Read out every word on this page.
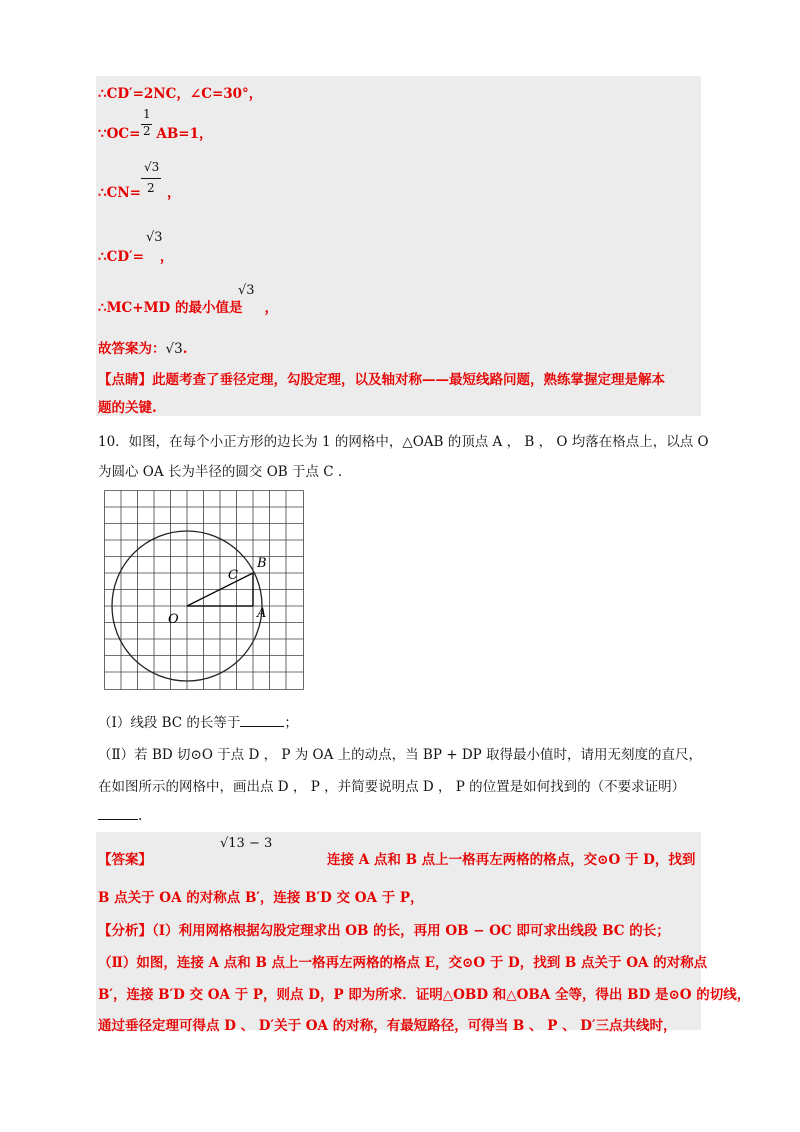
∴CD′=2NC，∠C=30°，
∵OC= AB=1，
1
2
∴CN= ，
√3
2
∴CD′= ，
√3
∴MC+MD 的最小值是 ，
√3
故答案为：√3.
【点睛】此题考查了垂径定理，勾股定理，以及轴对称——最短线路问题，熟练掌握定理是解本
题的关键.
10．如图，在每个小正方形的边长为 1 的网格中，△OAB 的顶点 A ， B ， O 均落在格点上，以点 O
为圆心 OA 长为半径的圆交 OB 于点 C .
O	A
B
C
（Ⅰ）线段 BC 的长等于	；
（Ⅱ）若 BD 切⊙O 于点 D ， P 为 OA 上的动点，当 BP + DP 取得最小值时，请用无刻度的直尺，
在如图所示的网格中，画出点 D ， P ，并简要说明点 D ， P 的位置是如何找到的（不要求证明）
.
【答案】
√13 − 3
连接 A 点和 B 点上一格再左两格的格点，交⊙O 于 D，找到
B 点关于 OA 的对称点 B′，连接 B′D 交 OA 于 P，
【分析】（Ⅰ）利用网格根据勾股定理求出 OB 的长，再用 OB − OC 即可求出线段 BC 的长；
（Ⅱ）如图，连接 A 点和 B 点上一格再左两格的格点 E，交⊙O 于 D，找到 B 点关于 OA 的对称点
B′，连接 B′D 交 OA 于 P，则点 D，P 即为所求．证明△OBD 和△OBA 全等，得出 BD 是⊙O 的切线，
通过垂径定理可得点 D 、 D′关于 OA 的对称，有最短路径，可得当 B 、 P 、 D′三点共线时，
